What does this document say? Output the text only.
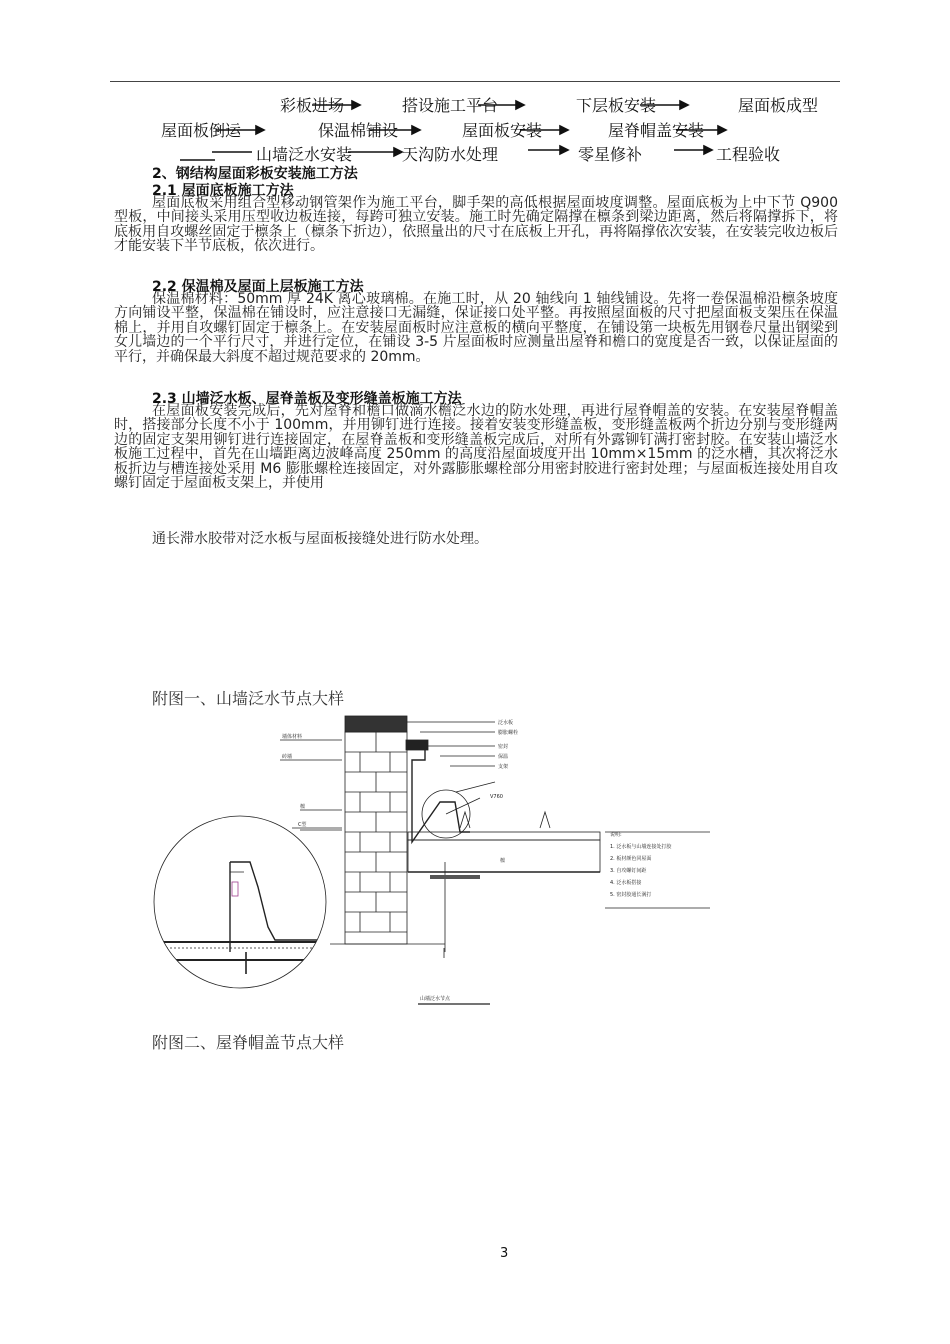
彩板进场	搭设施工平台	下层板安装	屋面板成型
屋面板倒运	保温棉铺设	屋面板安装	屋脊帽盖安装
山墙泛水安装	天沟防水处理	零星修补	工程验收
2、钢结构屋面彩板安装施工方法
2.1 屋面底板施工方法
屋面底板采用组合型移动钢管架作为施工平台，脚手架的高低根据屋面坡度调整。屋面底板为上中下节 Q900 型板，中间接头采用压型收边板连接，每跨可独立安装。施工时先确定隔撑在檩条到梁边距离，然后将隔撑拆下，将底板用自攻螺丝固定于檩条上（檩条下折边），依照量出的尺寸在底板上开孔，再将隔撑依次安装，在安装完收边板后才能安装下半节底板，依次进行。
2.2 保温棉及屋面上层板施工方法
保温棉材料：50mm 厚 24K 离心玻璃棉。在施工时，从 20 轴线向 1 轴线铺设。先将一卷保温棉沿檩条坡度方向铺设平整，保温棉在铺设时，应注意接口无漏缝，保证接口处平整。再按照屋面板的尺寸把屋面板支架压在保温棉上，并用自攻螺钉固定于檩条上。在安装屋面板时应注意板的横向平整度，在铺设第一块板先用钢卷尺量出钢梁到女儿墙边的一个平行尺寸，并进行定位，在铺设 3-5 片屋面板时应测量出屋脊和檐口的宽度是否一致，以保证屋面的平行，并确保最大斜度不超过规范要求的 20mm。
2.3 山墙泛水板、屋脊盖板及变形缝盖板施工方法
在屋面板安装完成后，先对屋脊和檐口做滴水檐泛水边的防水处理，再进行屋脊帽盖的安装。在安装屋脊帽盖时，搭接部分长度不小于 100mm，并用铆钉进行连接。接着安装变形缝盖板，变形缝盖板两个折边分别与变形缝两边的固定支架用铆钉进行连接固定，在屋脊盖板和变形缝盖板完成后，对所有外露铆钉满打密封胶。在安装山墙泛水板施工过程中，首先在山墙距离边波峰高度 250mm 的高度沿屋面坡度开出 10mm×15mm 的泛水槽，其次将泛水板折边与槽连接处采用 M6 膨胀螺栓连接固定，对外露膨胀螺栓部分用密封胶进行密封处理；与屋面板连接处用自攻螺钉固定于屋面板支架上，并使用
通长滞水胶带对泛水板与屋面板接缝处进行防水处理。
附图一、山墙泛水节点大样
墙体材料
砖墙
檩
C型
泛水板
膨胀螺栓
密封
保温
支架
V760
檩
说明:
1. 泛水板与山墙连接处打胶
2. 板材颜色同屋面
3. 自攻螺钉间距
4. 泛水板搭接
5. 密封胶通长满打
山墙泛水节点
附图二、屋脊帽盖节点大样
3
